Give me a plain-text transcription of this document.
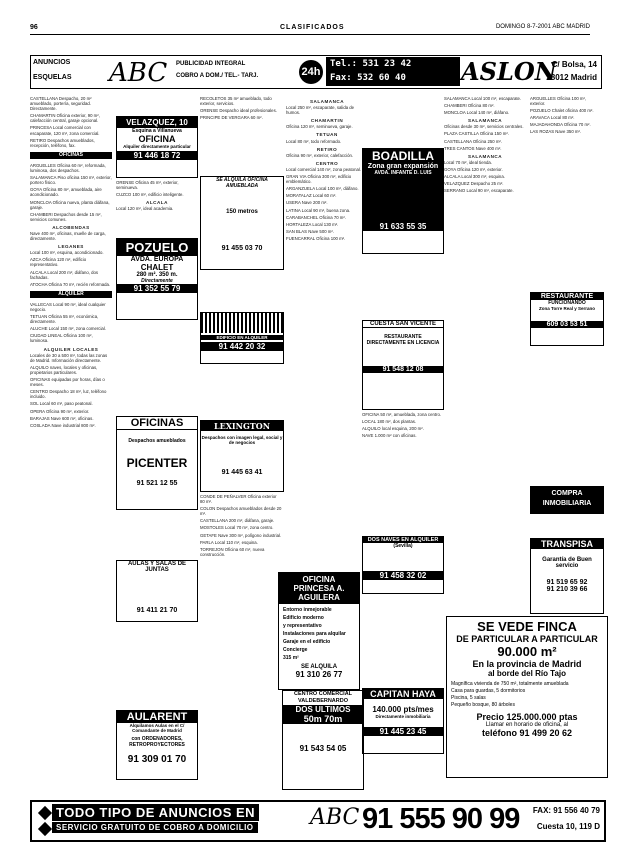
96	CLASIFICADOS	DOMINGO 8-7-2001 ABC MADRID
ANUNCIOS
ESQUELAS ABC PUBLICIDAD INTEGRAL
COBRO A DOM./ TEL.- TARJ.	24h
Tel.: 531 23 42
Fax: 532 60 40	ASLON
C/ Bolsa, 14
28012 Madrid

CASTELLANA Despacho, 20 m² amueblado, portería, seguridad. Directamente.

CHAMARTIN Oficina exterior, 90 m², calefacción central, garaje opcional.

PRINCESA Local comercial con escaparate, 120 m², zona comercial.

RETIRO Despachos amueblados, recepción, teléfono, fax.

OFICINAS

ARGUELLES Oficina 60 m², reformada, luminosa, dos despachos.

SALAMANCA Piso oficina 150 m², exterior, portero físico.

GOYA Oficina 80 m², amueblada, aire acondicionado.

MONCLOA Oficina nueva, planta diáfana, garaje.

CHAMBERI Despachos desde 15 m², servicios comunes.

ALCOBENDAS

Nave 400 m², oficinas, muelle de carga, directamente.

LEGANES

Local 100 m², esquina, acondicionado.

AZCA Oficina 120 m², edificio representativo.

ALCALA Local 200 m², diáfano, dos fachadas.

ATOCHA Oficina 70 m², recién reformada.

ALQUILER

VALLECAS Local 90 m², ideal cualquier negocio.

TETUAN Oficina 55 m², económica, directamente.

ALUCHE Local 150 m², zona comercial.

CIUDAD LINEAL Oficina 100 m², luminosa.

ALQUILER LOCALES

Locales de 30 a 500 m², todas las zonas de Madrid. Información directamente.

ALQUILO naves, locales y oficinas, propietarios particulares.

OFICINAS equipadas por horas, días o meses.

CENTRO Despacho 18 m², luz, teléfono incluido.

SOL Local 60 m², paso peatonal.

OPERA Oficina 90 m², exterior.

BARAJAS Nave 600 m², oficinas.

COSLADA Nave industrial 800 m².

VELAZQUEZ, 10
Esquina a Villanueva
OFICINA
Alquiler directamente particular
91 446 18 72
POZUELO
AVDA. EUROPA
CHALET
280 m². 350 m.
Directamente
91 352 55 79
OFICINAS
Despachos amueblados
PICENTER
91 521 12 55
AULAS Y SALAS DE JUNTAS
91 411 21 70
AULARENT
Alquilamos Aulas en el C/ Comandante de Madrid
con ORDENADORES, RETROPROYECTORES
91 309 01 70

ORENSE Oficina 45 m², exterior, seminueva.

CUZCO 100 m², edificio inteligente.

ALCALA

Local 120 m², ideal academia.

RECOLETOS 35 m² amueblado, todo exterior, servicios.

ORENSE Despacho ideal profesionales.

PRINCIPE DE VERGARA 60 m².

SE ALQUILA OFICINA AMUEBLADA
150 metros
91 455 03 70
EDIFICIO EN ALQUILER
91 442 20 32
LEXINGTON
Despachos con imagen legal, social y de negocios
91 445 63 41
OFICINA PRINCESA A. AGUILERA
Entorno inmejorable
Edificio moderno
y representativo
Instalaciones para alquilar
Garaje en el edificio
Concierge
315 m²
SE ALQUILA
91 310 26 77

CONDE DE PEÑALVER Oficina exterior 80 m².

COLON Despachos amueblados desde 20 m².

CASTELLANA 200 m², diáfana, garaje.

MOSTOLES Local 70 m², zona centro.

GETAFE Nave 300 m², polígono industrial.

PARLA Local 110 m², esquina.

TORREJON Oficina 60 m², nueva construcción.

SALAMANCA

Local 250 m², escaparate, salida de humos.

CHAMARTIN

Oficina 120 m², seminueva, garaje.

TETUAN

Local 80 m², todo reformado.

RETIRO

Oficina 90 m², exterior, calefacción.

CENTRO

Local comercial 140 m², zona peatonal.

GRAN VIA Oficina 300 m², edificio emblemático.

ARGANZUELA Local 100 m², diáfano.

MORATALAZ Local 60 m².

USERA Nave 200 m².

LATINA Local 90 m², buena zona.

CARABANCHEL Oficina 70 m².

HORTALEZA Local 130 m².

SAN BLAS Nave 500 m².

FUENCARRAL Oficina 100 m².

CENTRO COMERCIAL VALDEBERNARDO
DOS ULTIMOS
50m 70m
91 543 54 05
BOADILLA
Zona gran expansión
AVDA. INFANTE D. LUIS
91 633 55 35
CUESTA SAN VICENTE
RESTAURANTE
DIRECTAMENTE EN LICENCIA
91 548 12 08
DOS NAVES EN ALQUILER
(Sevilla)
91 458 32 02
CAPITAN HAYA
140.000 pts/mes
Directamente inmobiliaria
91 445 23 45

OFICINA 50 m², amueblada, zona centro.

LOCAL 180 m², dos plantas.

ALQUILO local esquina, 200 m².

NAVE 1.000 m² con oficinas.

SALAMANCA Local 100 m², escaparate.

CHAMBERI Oficina 80 m².

MONCLOA Local 140 m², diáfano.

SALAMANCA

Oficinas desde 30 m², servicios centrales.

PLAZA CASTILLA Oficina 150 m².

CASTELLANA Oficina 250 m².

TRES CANTOS Nave 400 m².

SALAMANCA

Local 70 m², ideal tienda.

GOYA Oficina 120 m², exterior.

ALCALA Local 300 m², esquina.

VELAZQUEZ Despacho 25 m².

SERRANO Local 90 m², escaparate.

ARGUELLES Oficina 100 m², exterior.

POZUELO Chalet oficina 400 m².

ARAVACA Local 80 m².

MAJADAHONDA Oficina 70 m².

LAS ROZAS Nave 350 m².

RESTAURANTE
FUNCIONANDO
Zona Torre Real y Serrano
609 03 53 51
COMPRA INMOBILIARIA
TRANSPISA
Garantía de Buen servicio
91 519 65 92
91 210 39 66
SE VEDE FINCA
DE PARTICULAR A PARTICULAR
90.000 m²
En la provincia de Madrid
al borde del Río Tajo
Magnífica vivienda de 750 m², totalmente amueblada
Casa para guardas, 5 dormitorios
Piscina, 5 salas
Pequeño bosque, 80 árboles
Precio 125.000.000 ptas
Llamar en horario de oficina, al
teléfono 91 499 20 62
TODO TIPO DE ANUNCIOS EN
SERVICIO GRATUITO DE COBRO A DOMICILIO	ABC 91 555 90 99 FAX: 91 556 40 79
Cuesta 10, 119 D
